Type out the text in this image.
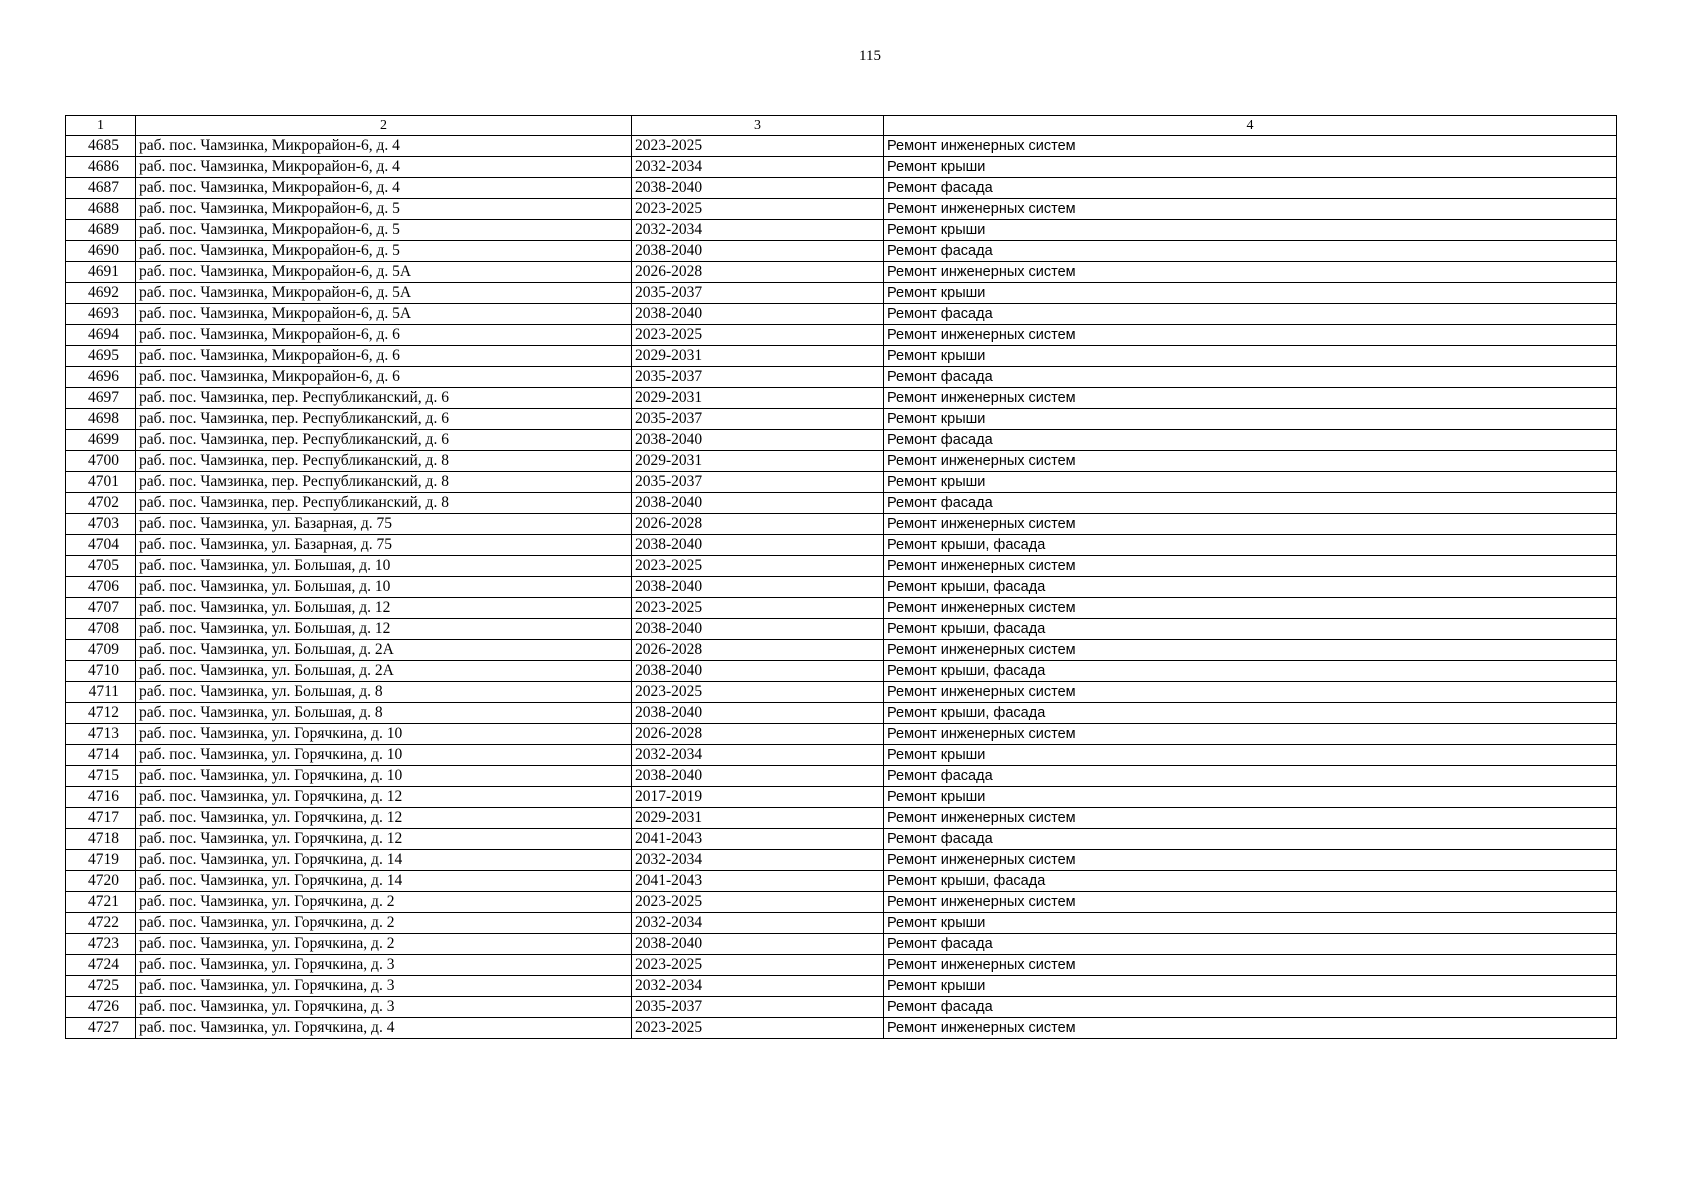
115
1	2	3	4
4685	раб. пос. Чамзинка, Микрорайон-6, д. 4	2023-2025	Ремонт инженерных систем
4686	раб. пос. Чамзинка, Микрорайон-6, д. 4	2032-2034	Ремонт крыши
4687	раб. пос. Чамзинка, Микрорайон-6, д. 4	2038-2040	Ремонт фасада
4688	раб. пос. Чамзинка, Микрорайон-6, д. 5	2023-2025	Ремонт инженерных систем
4689	раб. пос. Чамзинка, Микрорайон-6, д. 5	2032-2034	Ремонт крыши
4690	раб. пос. Чамзинка, Микрорайон-6, д. 5	2038-2040	Ремонт фасада
4691	раб. пос. Чамзинка, Микрорайон-6, д. 5А	2026-2028	Ремонт инженерных систем
4692	раб. пос. Чамзинка, Микрорайон-6, д. 5А	2035-2037	Ремонт крыши
4693	раб. пос. Чамзинка, Микрорайон-6, д. 5А	2038-2040	Ремонт фасада
4694	раб. пос. Чамзинка, Микрорайон-6, д. 6	2023-2025	Ремонт инженерных систем
4695	раб. пос. Чамзинка, Микрорайон-6, д. 6	2029-2031	Ремонт крыши
4696	раб. пос. Чамзинка, Микрорайон-6, д. 6	2035-2037	Ремонт фасада
4697	раб. пос. Чамзинка, пер. Республиканский, д. 6	2029-2031	Ремонт инженерных систем
4698	раб. пос. Чамзинка, пер. Республиканский, д. 6	2035-2037	Ремонт крыши
4699	раб. пос. Чамзинка, пер. Республиканский, д. 6	2038-2040	Ремонт фасада
4700	раб. пос. Чамзинка, пер. Республиканский, д. 8	2029-2031	Ремонт инженерных систем
4701	раб. пос. Чамзинка, пер. Республиканский, д. 8	2035-2037	Ремонт крыши
4702	раб. пос. Чамзинка, пер. Республиканский, д. 8	2038-2040	Ремонт фасада
4703	раб. пос. Чамзинка, ул. Базарная, д. 75	2026-2028	Ремонт инженерных систем
4704	раб. пос. Чамзинка, ул. Базарная, д. 75	2038-2040	Ремонт крыши, фасада
4705	раб. пос. Чамзинка, ул. Большая, д. 10	2023-2025	Ремонт инженерных систем
4706	раб. пос. Чамзинка, ул. Большая, д. 10	2038-2040	Ремонт крыши, фасада
4707	раб. пос. Чамзинка, ул. Большая, д. 12	2023-2025	Ремонт инженерных систем
4708	раб. пос. Чамзинка, ул. Большая, д. 12	2038-2040	Ремонт крыши, фасада
4709	раб. пос. Чамзинка, ул. Большая, д. 2А	2026-2028	Ремонт инженерных систем
4710	раб. пос. Чамзинка, ул. Большая, д. 2А	2038-2040	Ремонт крыши, фасада
4711	раб. пос. Чамзинка, ул. Большая, д. 8	2023-2025	Ремонт инженерных систем
4712	раб. пос. Чамзинка, ул. Большая, д. 8	2038-2040	Ремонт крыши, фасада
4713	раб. пос. Чамзинка, ул. Горячкина, д. 10	2026-2028	Ремонт инженерных систем
4714	раб. пос. Чамзинка, ул. Горячкина, д. 10	2032-2034	Ремонт крыши
4715	раб. пос. Чамзинка, ул. Горячкина, д. 10	2038-2040	Ремонт фасада
4716	раб. пос. Чамзинка, ул. Горячкина, д. 12	2017-2019	Ремонт крыши
4717	раб. пос. Чамзинка, ул. Горячкина, д. 12	2029-2031	Ремонт инженерных систем
4718	раб. пос. Чамзинка, ул. Горячкина, д. 12	2041-2043	Ремонт фасада
4719	раб. пос. Чамзинка, ул. Горячкина, д. 14	2032-2034	Ремонт инженерных систем
4720	раб. пос. Чамзинка, ул. Горячкина, д. 14	2041-2043	Ремонт крыши, фасада
4721	раб. пос. Чамзинка, ул. Горячкина, д. 2	2023-2025	Ремонт инженерных систем
4722	раб. пос. Чамзинка, ул. Горячкина, д. 2	2032-2034	Ремонт крыши
4723	раб. пос. Чамзинка, ул. Горячкина, д. 2	2038-2040	Ремонт фасада
4724	раб. пос. Чамзинка, ул. Горячкина, д. 3	2023-2025	Ремонт инженерных систем
4725	раб. пос. Чамзинка, ул. Горячкина, д. 3	2032-2034	Ремонт крыши
4726	раб. пос. Чамзинка, ул. Горячкина, д. 3	2035-2037	Ремонт фасада
4727	раб. пос. Чамзинка, ул. Горячкина, д. 4	2023-2025	Ремонт инженерных систем
